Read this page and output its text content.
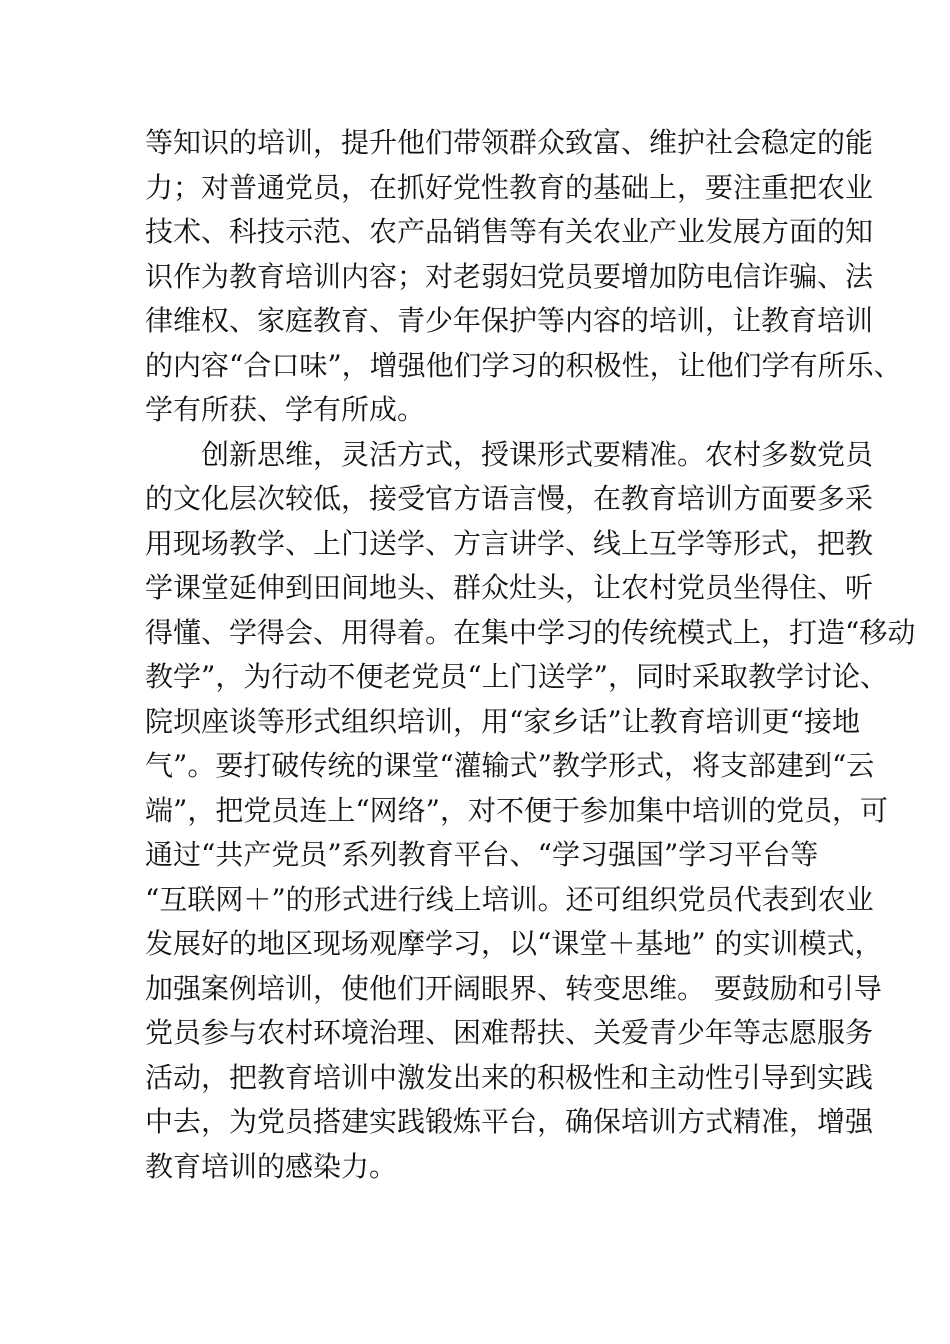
等知识的培训，提升他们带领群众致富、维护社会稳定的能
力；对普通党员，在抓好党性教育的基础上，要注重把农业
技术、科技示范、农产品销售等有关农业产业发展方面的知
识作为教育培训内容；对老弱妇党员要增加防电信诈骗、法
律维权、家庭教育、青少年保护等内容的培训，让教育培训
的内容“合口味”，增强他们学习的积极性，让他们学有所乐、
学有所获、学有所成。
创新思维，灵活方式，授课形式要精准。农村多数党员
的文化层次较低，接受官方语言慢，在教育培训方面要多采
用现场教学、上门送学、方言讲学、线上互学等形式，把教
学课堂延伸到田间地头、群众灶头，让农村党员坐得住、听
得懂、学得会、用得着。在集中学习的传统模式上，打造“移动
教学”，为行动不便老党员“上门送学”，同时采取教学讨论、
院坝座谈等形式组织培训，用“家乡话”让教育培训更“接地
气”。要打破传统的课堂“灌输式”教学形式，将支部建到“云
端”，把党员连上“网络”，对不便于参加集中培训的党员，可
通过“共产党员”系列教育平台、“学习强国”学习平台等
“互联网＋”的形式进行线上培训。还可组织党员代表到农业
发展好的地区现场观摩学习，以“课堂＋基地” 的实训模式，
加强案例培训，使他们开阔眼界、转变思维。 要鼓励和引导
党员参与农村环境治理、困难帮扶、关爱青少年等志愿服务
活动，把教育培训中激发出来的积极性和主动性引导到实践
中去，为党员搭建实践锻炼平台，确保培训方式精准，增强
教育培训的感染力。
